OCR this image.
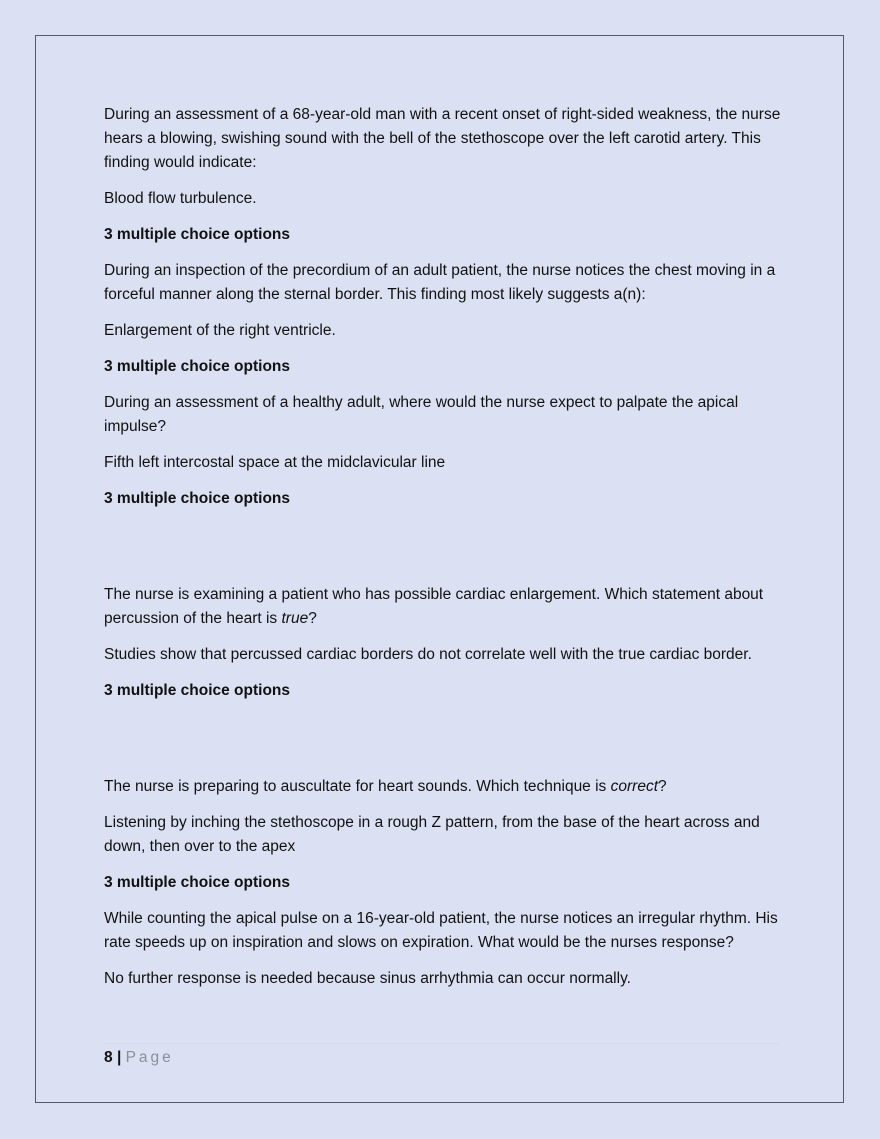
During an assessment of a 68-year-old man with a recent onset of right-sided weakness, the nurse hears a blowing, swishing sound with the bell of the stethoscope over the left carotid artery. This finding would indicate:

Blood flow turbulence.

3 multiple choice options

During an inspection of the precordium of an adult patient, the nurse notices the chest moving in a forceful manner along the sternal border. This finding most likely suggests a(n):

Enlargement of the right ventricle.

3 multiple choice options

During an assessment of a healthy adult, where would the nurse expect to palpate the apical impulse?

Fifth left intercostal space at the midclavicular line

3 multiple choice options

The nurse is examining a patient who has possible cardiac enlargement. Which statement about percussion of the heart is true?

Studies show that percussed cardiac borders do not correlate well with the true cardiac border.

3 multiple choice options

The nurse is preparing to auscultate for heart sounds. Which technique is correct?

Listening by inching the stethoscope in a rough Z pattern, from the base of the heart across and down, then over to the apex

3 multiple choice options

While counting the apical pulse on a 16-year-old patient, the nurse notices an irregular rhythm. His rate speeds up on inspiration and slows on expiration. What would be the nurses response?

No further response is needed because sinus arrhythmia can occur normally.

8 | Page
